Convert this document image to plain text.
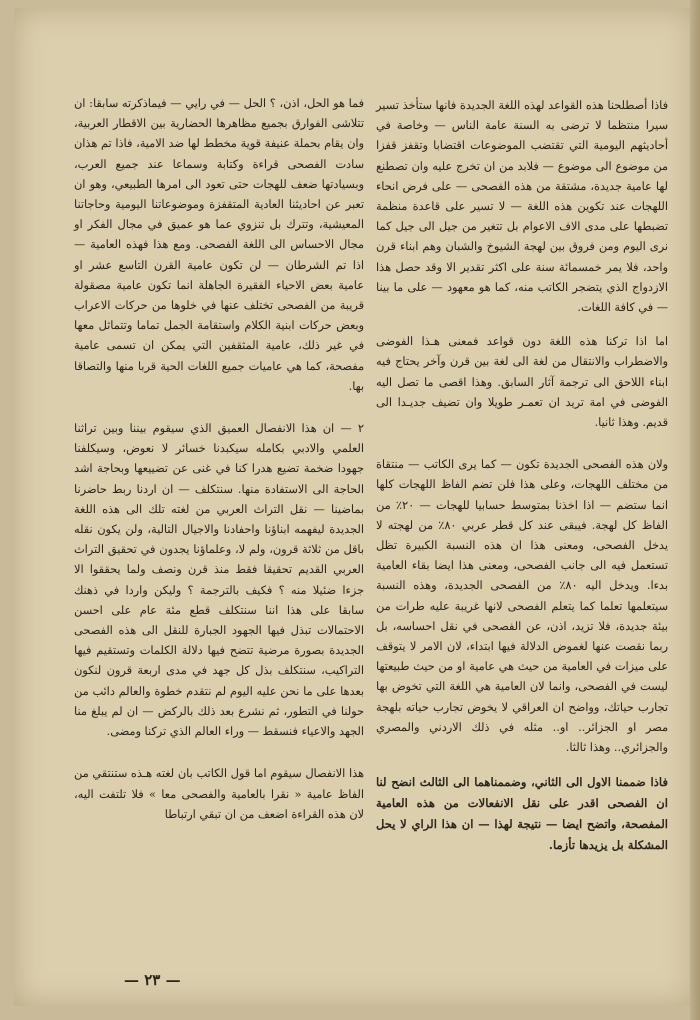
فاذا أصطلحنا هذه القواعد لهذه اللغة الجديدة فانها ستأخذ تسير سيرا منتظما لا ترضى به السنة عامة الناس — وخاصة في أحاديثهم اليومية التي تقتضب الموضوعات اقتضابا وتقفز قفزا من موضوع الى موضوع — فلابد من ان تخرج عليه وان تصطنع لها عامية جديدة، مشتقة من هذه الفصحى — على فرض انحاء اللهجات عند تكوين هذه اللغة — لا تسير على قاعدة منظمة تضبطها على مدى الاف الاعوام بل تتغير من جيل الى جيل كما نرى اليوم ومن فروق بين لهجة الشيوخ والشبان وهم ابناء قرن واحد، فلا يمر خمسمائة سنة على اكثر تقدير الا وقد حصل هذا الازدواج الذي يتضجر الكاتب منه، كما هو معهود — على ما بينا — في كافة اللغات.

اما اذا تركنا هذه اللغة دون قواعد فمعنى هـذا الفوضى والاضطراب والانتقال من لغة الى لغة بين قرن وآخر يحتاج فيه ابناء اللاحق الى ترجمة آثار السابق. وهذا اقصى ما تصل اليه الفوضى في امة تريد ان تعمـر طويلا وان تضيف جديـدا الى قديم. وهذا ثانيا.

ولان هذه الفصحى الجديدة تكون — كما يرى الكاتب — منتقاة من مختلف اللهجات، وعلى هذا فلن تضم الفاظ اللهجات كلها انما ستضم — اذا اخذنا بمتوسط حسابيا للهجات — ٢٠٪ من الفاظ كل لهجة. فيبقى عند كل قطر عربي ٨٠٪ من لهجته لا يدخل الفصحى، ومعنى هذا ان هذه النسبة الكبيرة تظل تستعمل فيه الى جانب الفصحى، ومعنى هذا ايضا بقاء العامية بدءا. ويدخل اليه ٨٠٪ من الفصحى الجديدة، وهذه النسبة سيتعلمها تعلما كما يتعلم الفصحى لانها غريبة عليه طرات من بيئة جديدة، فلا تزيد، اذن، عن الفصحى في نقل احساسه، بل ربما نقصت عنها لغموض الدلالة فيها ابتداء، لان الامر لا يتوقف على ميزات في العامية من حيث هي عامية او من حيث طبيعتها ليست في الفصحى، وانما لان العامية هي اللغة التي تخوض بها تجارب حياتك، وواضح ان العراقي لا يخوض تجارب حياته بلهجة مصر او الجزائر.. او.. مثله في ذلك الاردني والمصري والجزائري.. وهذا ثالثا.

فاذا ضممنا الاول الى الثاني، وضممناهما الى الثالث انضح لنا ان الفصحى اقدر على نقل الانفعالات من هذه العامية المفصحة، واتضح ايضا — نتيجة لهذا — ان هذا الراي لا يحل المشكلة بل يزيدها تأزما.

فما هو الحل، اذن، ؟ الحل — في رايي — فيماذكرته سابقا: ان تتلاشى الفوارق بجميع مظاهرها الحضارية بين الاقطار العربية، وان يقام بحملة عنيفة قوية مخطط لها ضد الامية، فاذا تم هذان سادت الفصحى قراءة وكتابة وسماعا عند جميع العرب، وبسيادتها ضعف للهجات حتى تعود الى امرها الطبيعي، وهو ان تعبر عن احاديثنا العادية المتقفزة وموضوعاتنا اليومية وحاجاتنا المعيشية، وتترك بل تنزوي عما هو عميق في مجال الفكر او مجال الاحساس الى اللغة الفصحى. ومع هذا فهذه العامية — اذا تم الشرطان — لن تكون عامية القرن التاسع عشر او عامية بعض الاحياء الفقيرة الجاهلة انما تكون عامية مصقولة قريبة من الفصحى تختلف عنها في خلوها من حركات الاعراب وبعض حركات ابنية الكلام واستقامة الجمل تماما وتتماثل معها في غير ذلك، عامية المثقفين التي يمكن ان تسمى عامية مفصحة، كما هي عاميات جميع اللغات الحية قربا منها والتصاقا بها.

٢ — ان هذا الانفصال العميق الذي سيقوم بيننا وبين تراثنا العلمي والادبي بكامله سيكبدنا خسائر لا نعوض، وسيكلفنا جهودا ضخمة تضيع هدرا كنا في غنى عن تضييعها وبحاجة اشد الحاجة الى الاستفادة منها. سنتكلف — ان اردنا ربط حاضرنا بماضينا — نقل التراث العربي من لغته تلك الى هذه اللغة الجديدة ليفهمه ابناؤنا واحفادنا والاجيال التالية، ولن يكون نقله باقل من ثلاثة قرون، ولم لا، وعلماؤنا يجدون في تحقيق التراث العربي القديم تحقيقا فقط منذ قرن ونصف ولما يحققوا الا جزءا ضئيلا منه ؟ فكيف بالترجمة ؟ وليكن واردا في ذهنك سابقا على هذا اننا سنتكلف قطع مئة عام على احسن الاحتمالات تبذل فيها الجهود الجبارة للنقل الى هذه الفصحى الجديدة بصورة مرضية تتضح فيها دلالة الكلمات وتستقيم فيها التراكيب، سنتكلف بذل كل جهد في مدى اربعة قرون لنكون بعدها على ما نحن عليه اليوم لم نتقدم خطوة والعالم دائب من حولنا في التطور، ثم نشرع بعد ذلك بالركض — ان لم يبلغ منا الجهد والاعياء فنسقط — وراء العالم الذي تركنا ومضى.

هذا الانفصال سيقوم اما قول الكاتب بان لغته هـذه ستنتقي من الفاظ عامية « نقرا بالعامية والفصحى معا » فلا تلتفت اليه، لان هذه القراءة اضعف من ان تبقي ارتباطا

— ٢٣ —
